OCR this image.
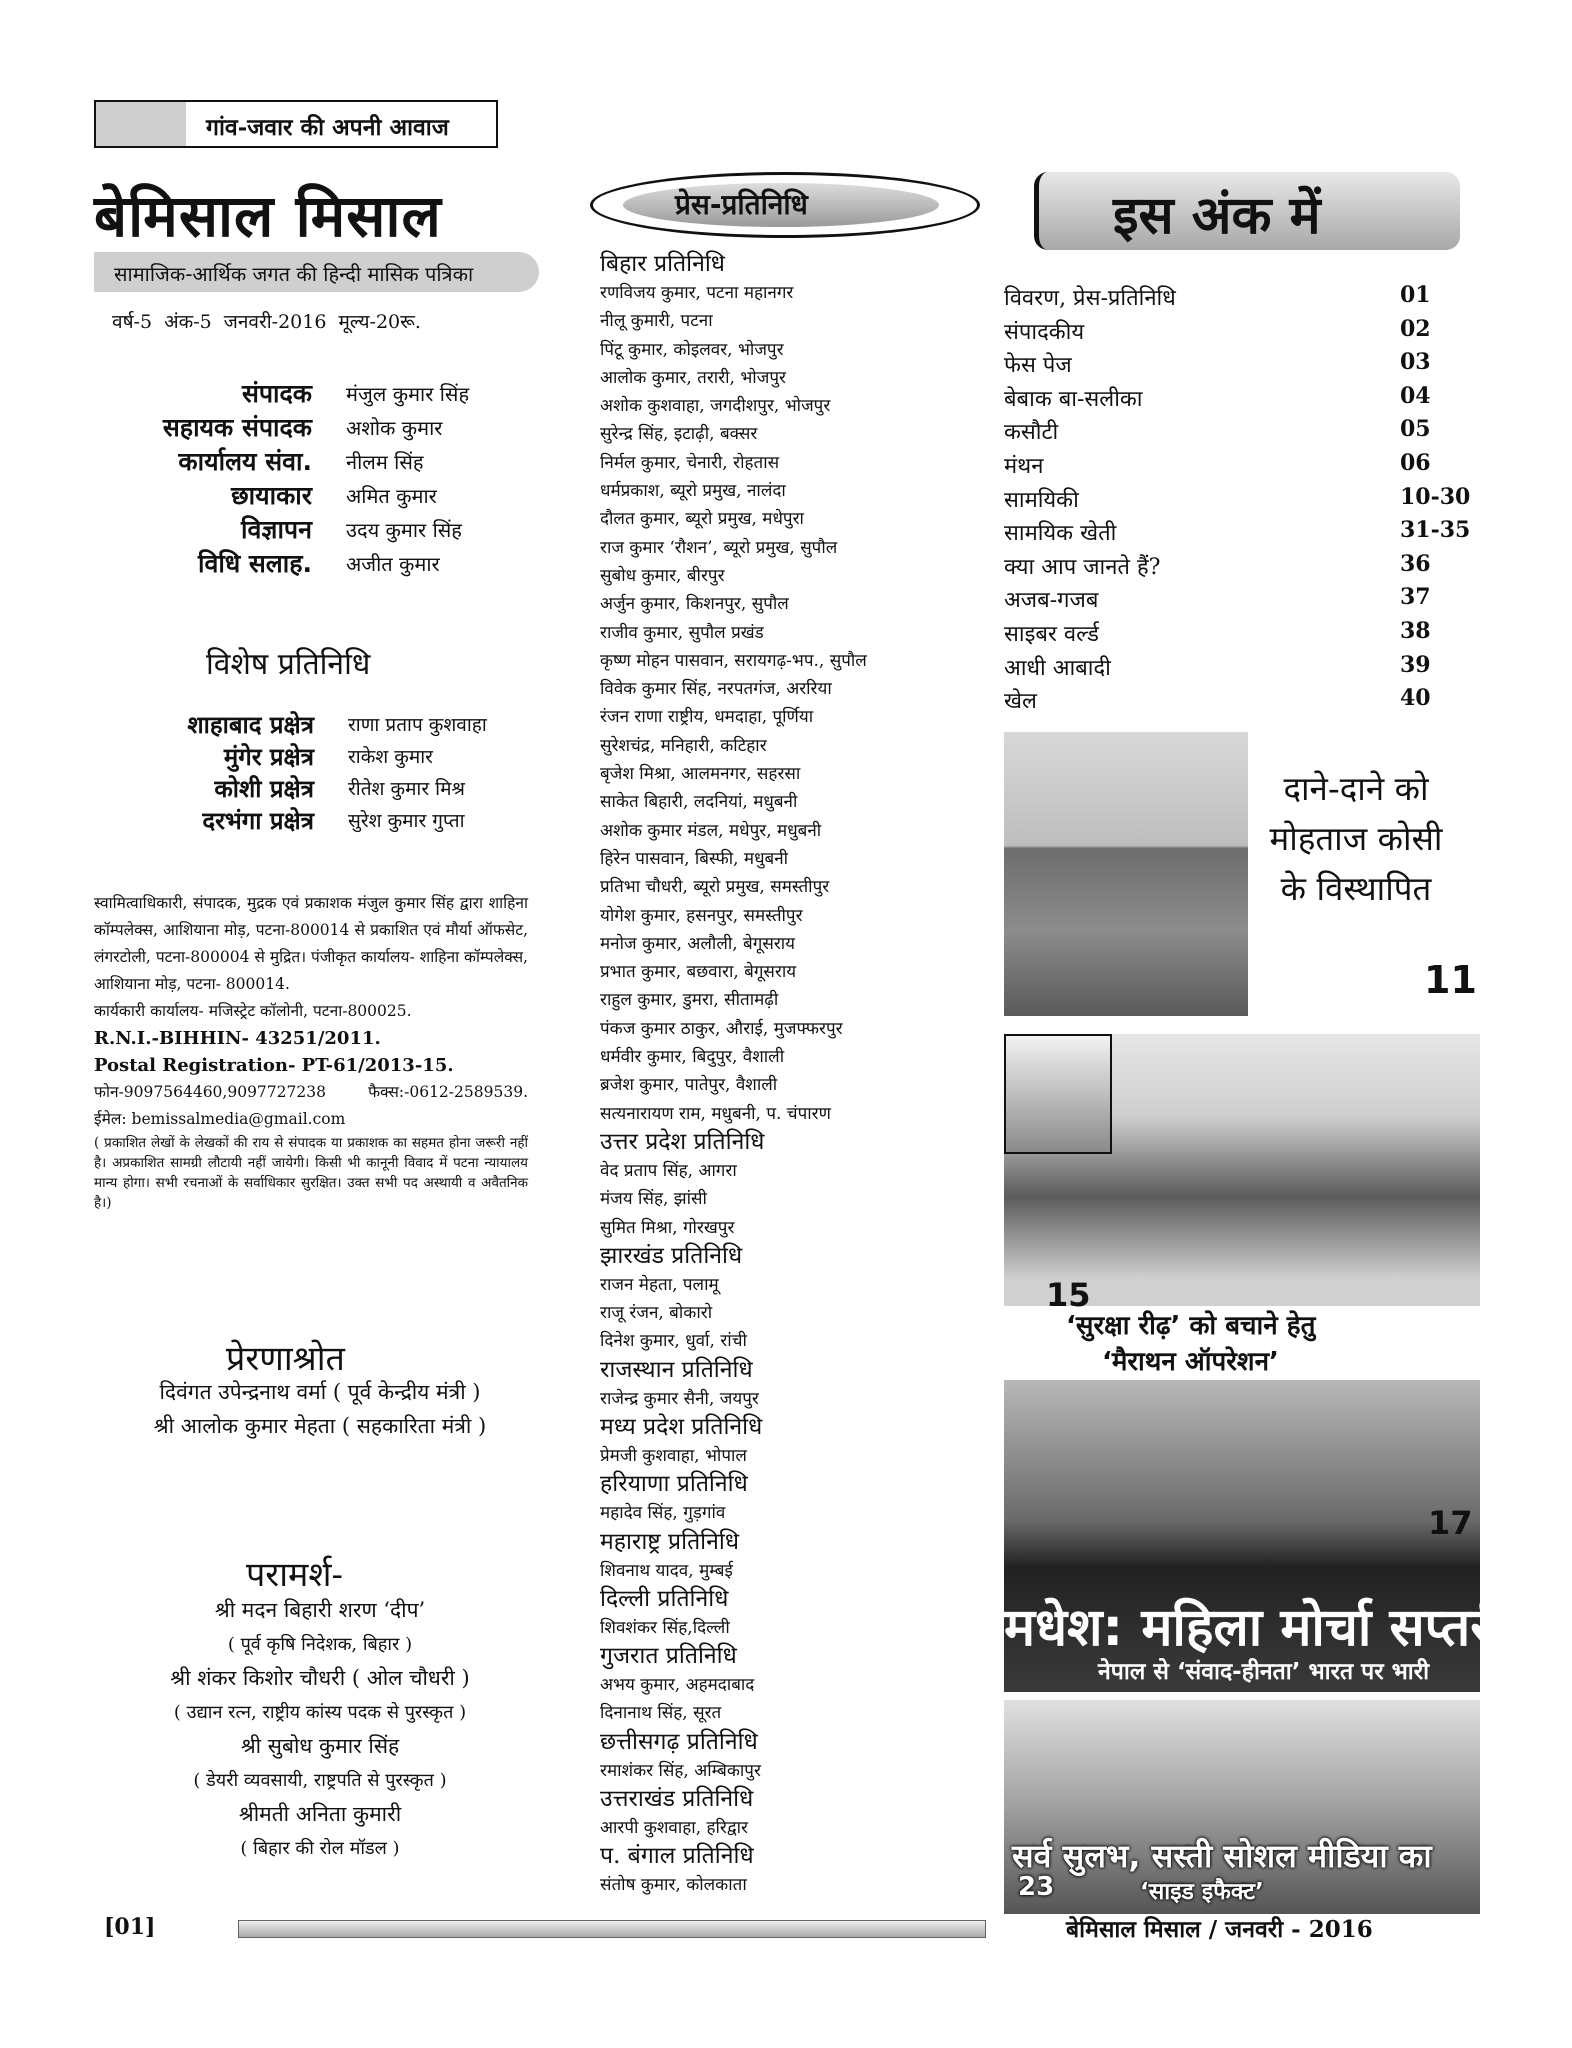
गांव-जवार की अपनी आवाज
बेमिसाल मिसाल
सामाजिक-आर्थिक जगत की हिन्दी मासिक पत्रिका
वर्ष-5 अंक-5 जनवरी-2016 मूल्य-20रू.
संपादक मंजुल कुमार सिंह
सहायक संपादक अशोक कुमार
कार्यालय संवा. नीलम सिंह
छायाकार अमित कुमार
विज्ञापन उदय कुमार सिंह
विधि सलाह. अजीत कुमार
विशेष प्रतिनिधि
शाहाबाद प्रक्षेत्र राणा प्रताप कुशवाहा
मुंगेर प्रक्षेत्र राकेश कुमार
कोशी प्रक्षेत्र रीतेश कुमार मिश्र
दरभंगा प्रक्षेत्र सुरेश कुमार गुप्ता
स्वामित्वाधिकारी, संपादक, मुद्रक एवं प्रकाशक मंजुल कुमार सिंह द्वारा शाहिना कॉम्पलेक्स, आशियाना मोड़, पटना-800014 से प्रकाशित एवं मौर्या ऑफसेट, लंगरटोली, पटना-800004 से मुद्रित। पंजीकृत कार्यालय- शाहिना कॉम्पलेक्स, आशियाना मोड़, पटना- 800014.
कार्यकारी कार्यालय- मजिस्ट्रेट कॉलोनी, पटना-800025.
R.N.I.-BIHHIN- 43251/2011.
Postal Registration- PT-61/2013-15.
फोन-9097564460,9097727238 फैक्स:-0612-2589539. ईमेल: bemissalmedia@gmail.com
( प्रकाशित लेखों के लेखकों की राय से संपादक या प्रकाशक का सहमत होना जरूरी नहीं है। अप्रकाशित सामग्री लौटायी नहीं जायेगी। किसी भी कानूनी विवाद में पटना न्यायालय मान्य होगा। सभी रचनाओं के सर्वाधिकार सुरक्षित। उक्त सभी पद अस्थायी व अवैतनिक है।)
प्रेरणाश्रोत
दिवंगत उपेन्द्रनाथ वर्मा ( पूर्व केन्द्रीय मंत्री )
श्री आलोक कुमार मेहता ( सहकारिता मंत्री )
परामर्श-
श्री मदन बिहारी शरण ‘दीप’
( पूर्व कृषि निदेशक, बिहार )
श्री शंकर किशोर चौधरी ( ओल चौधरी )
( उद्यान रत्न, राष्ट्रीय कांस्य पदक से पुरस्कृत )
श्री सुबोध कुमार सिंह
( डेयरी व्यवसायी, राष्ट्रपति से पुरस्कृत )
श्रीमती अनिता कुमारी
( बिहार की रोल मॉडल )
प्रेस-प्रतिनिधि
बिहार प्रतिनिधि
रणविजय कुमार, पटना महानगर
नीलू कुमारी, पटना
पिंटू कुमार, कोइलवर, भोजपुर
आलोक कुमार, तरारी, भोजपुर
अशोक कुशवाहा, जगदीशपुर, भोजपुर
सुरेन्द्र सिंह, इटाढ़ी, बक्सर
निर्मल कुमार, चेनारी, रोहतास
धर्मप्रकाश, ब्यूरो प्रमुख, नालंदा
दौलत कुमार, ब्यूरो प्रमुख, मधेपुरा
राज कुमार ‘रौशन’, ब्यूरो प्रमुख, सुपौल
सुबोध कुमार, बीरपुर
अर्जुन कुमार, किशनपुर, सुपौल
राजीव कुमार, सुपौल प्रखंड
कृष्ण मोहन पासवान, सरायगढ़-भप., सुपौल
विवेक कुमार सिंह, नरपतगंज, अररिया
रंजन राणा राष्ट्रीय, धमदाहा, पूर्णिया
सुरेशचंद्र, मनिहारी, कटिहार
बृजेश मिश्रा, आलमनगर, सहरसा
साकेत बिहारी, लदनियां, मधुबनी
अशोक कुमार मंडल, मधेपुर, मधुबनी
हिरेन पासवान, बिस्फी, मधुबनी
प्रतिभा चौधरी, ब्यूरो प्रमुख, समस्तीपुर
योगेश कुमार, हसनपुर, समस्तीपुर
मनोज कुमार, अलौली, बेगूसराय
प्रभात कुमार, बछवारा, बेगूसराय
राहुल कुमार, डुमरा, सीतामढ़ी
पंकज कुमार ठाकुर, औराई, मुजफ्फरपुर
धर्मवीर कुमार, बिदुपुर, वैशाली
ब्रजेश कुमार, पातेपुर, वैशाली
सत्यनारायण राम, मधुबनी, प. चंपारण
उत्तर प्रदेश प्रतिनिधि
वेद प्रताप सिंह, आगरा
मंजय सिंह, झांसी
सुमित मिश्रा, गोरखपुर
झारखंड प्रतिनिधि
राजन मेहता, पलामू
राजू रंजन, बोकारो
दिनेश कुमार, धुर्वा, रांची
राजस्थान प्रतिनिधि
राजेन्द्र कुमार सैनी, जयपुर
मध्य प्रदेश प्रतिनिधि
प्रेमजी कुशवाहा, भोपाल
हरियाणा प्रतिनिधि
महादेव सिंह, गुड़गांव
महाराष्ट्र प्रतिनिधि
शिवनाथ यादव, मुम्बई
दिल्ली प्रतिनिधि
शिवशंकर सिंह,दिल्ली
गुजरात प्रतिनिधि
अभय कुमार, अहमदाबाद
दिनानाथ सिंह, सूरत
छत्तीसगढ़ प्रतिनिधि
रमाशंकर सिंह, अम्बिकापुर
उत्तराखंड प्रतिनिधि
आरपी कुशवाहा, हरिद्वार
प. बंगाल प्रतिनिधि
संतोष कुमार, कोलकाता
इस अंक में
विवरण, प्रेस-प्रतिनिधि	01
संपादकीय	02
फेस पेज	03
बेबाक बा-सलीका	04
कसौटी	05
मंथन	06
सामयिकी	10-30
सामयिक खेती	31-35
क्या आप जानते हैं?	36
अजब-गजब	37
साइबर वर्ल्ड	38
आधी आबादी	39
खेल	40
दाने-दाने को मोहताज कोसी के विस्थापित
11
15
‘सुरक्षा रीढ़’ को बचाने हेतु
‘मैराथन ऑपरेशन’
17
मधेश: महिला मोर्चा सप्तरी
नेपाल से ‘संवाद-हीनता’ भारत पर भारी
सर्व सुलभ, सस्ती सोशल मीडिया का
23	‘साइड इफैक्ट’
[01]	बेमिसाल मिसाल / जनवरी - 2016
